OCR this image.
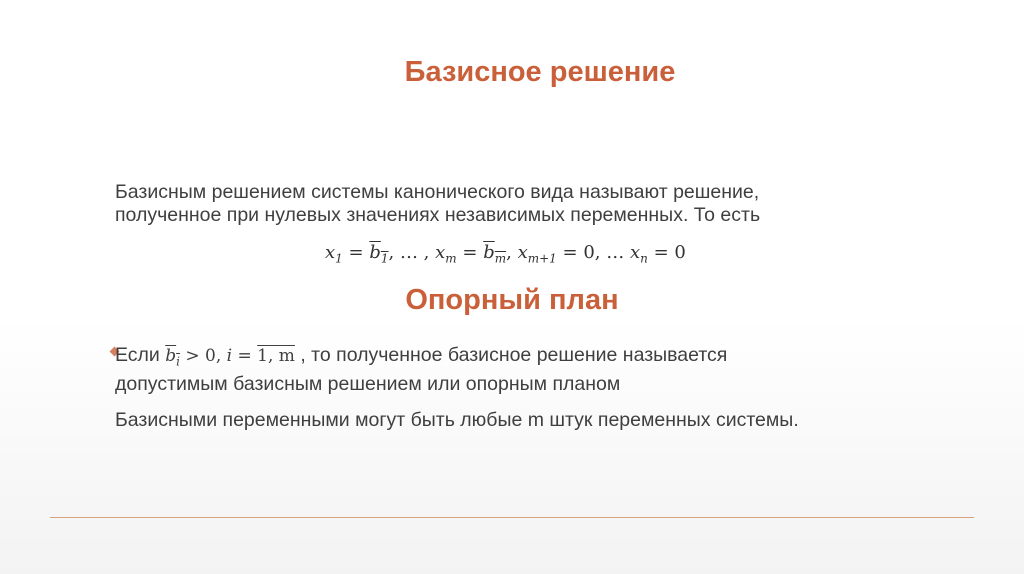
Базисное решение
Базисным решением системы канонического вида называют решение,
полученное при нулевых значениях независимых переменных. То есть
$x_1 = b_1$, … , $x_m = b_m$, $x_{m+1} = 0$, … $x_n = 0$
Опорный план
Если $b_i > 0$, i = 1, m , то полученное базисное решение называется
допустимым базисным решением или опорным планом
Базисными переменными могут быть любые m штук переменных системы.
